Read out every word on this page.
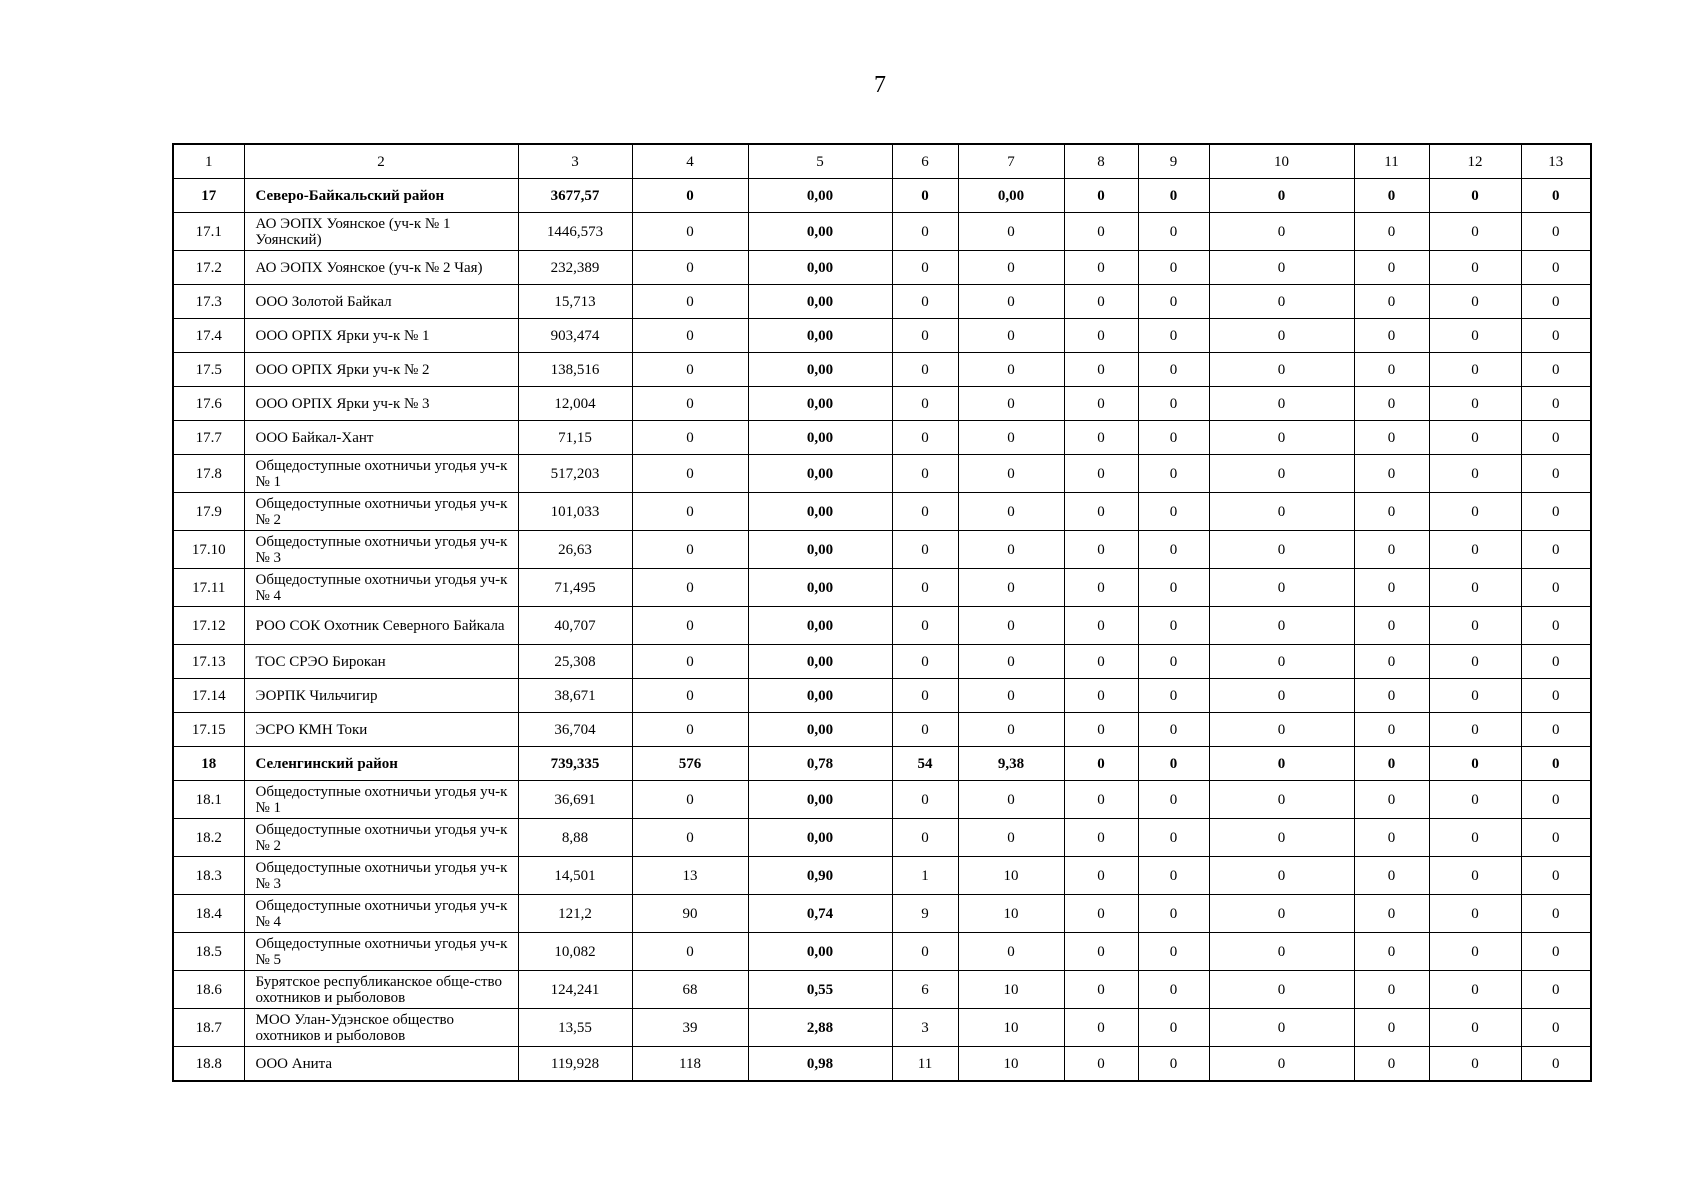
7
1	2	3	4	5	6	7	8	9	10	11	12	13
17	Северо-Байкальский район	3677,57	0	0,00	0	0,00	0	0	0	0	0	0
17.1	АО ЭОПХ Уоянское (уч-к № 1 Уоянский)	1446,573	0	0,00	0	0	0	0	0	0	0	0
17.2	АО ЭОПХ Уоянское (уч-к № 2 Чая)	232,389	0	0,00	0	0	0	0	0	0	0	0
17.3	ООО Золотой Байкал	15,713	0	0,00	0	0	0	0	0	0	0	0
17.4	ООО ОРПХ Ярки уч-к № 1	903,474	0	0,00	0	0	0	0	0	0	0	0
17.5	ООО ОРПХ Ярки уч-к № 2	138,516	0	0,00	0	0	0	0	0	0	0	0
17.6	ООО ОРПХ Ярки уч-к № 3	12,004	0	0,00	0	0	0	0	0	0	0	0
17.7	ООО Байкал-Хант	71,15	0	0,00	0	0	0	0	0	0	0	0
17.8	Общедоступные охотничьи угодья уч-к № 1	517,203	0	0,00	0	0	0	0	0	0	0	0
17.9	Общедоступные охотничьи угодья уч-к № 2	101,033	0	0,00	0	0	0	0	0	0	0	0
17.10	Общедоступные охотничьи угодья уч-к № 3	26,63	0	0,00	0	0	0	0	0	0	0	0
17.11	Общедоступные охотничьи угодья уч-к № 4	71,495	0	0,00	0	0	0	0	0	0	0	0
17.12	РОО СОК Охотник Северного Байкала	40,707	0	0,00	0	0	0	0	0	0	0	0
17.13	ТОС СРЭО Бирокан	25,308	0	0,00	0	0	0	0	0	0	0	0
17.14	ЭОРПК Чильчигир	38,671	0	0,00	0	0	0	0	0	0	0	0
17.15	ЭСРО КМН Токи	36,704	0	0,00	0	0	0	0	0	0	0	0
18	Селенгинский район	739,335	576	0,78	54	9,38	0	0	0	0	0	0
18.1	Общедоступные охотничьи угодья уч-к № 1	36,691	0	0,00	0	0	0	0	0	0	0	0
18.2	Общедоступные охотничьи угодья уч-к № 2	8,88	0	0,00	0	0	0	0	0	0	0	0
18.3	Общедоступные охотничьи угодья уч-к № 3	14,501	13	0,90	1	10	0	0	0	0	0	0
18.4	Общедоступные охотничьи угодья уч-к № 4	121,2	90	0,74	9	10	0	0	0	0	0	0
18.5	Общедоступные охотничьи угодья уч-к № 5	10,082	0	0,00	0	0	0	0	0	0	0	0
18.6	Бурятское республиканское обще-ство охотников и рыболовов	124,241	68	0,55	6	10	0	0	0	0	0	0
18.7	МОО Улан-Удэнское общество охотников и рыболовов	13,55	39	2,88	3	10	0	0	0	0	0	0
18.8	ООО Анита	119,928	118	0,98	11	10	0	0	0	0	0	0
